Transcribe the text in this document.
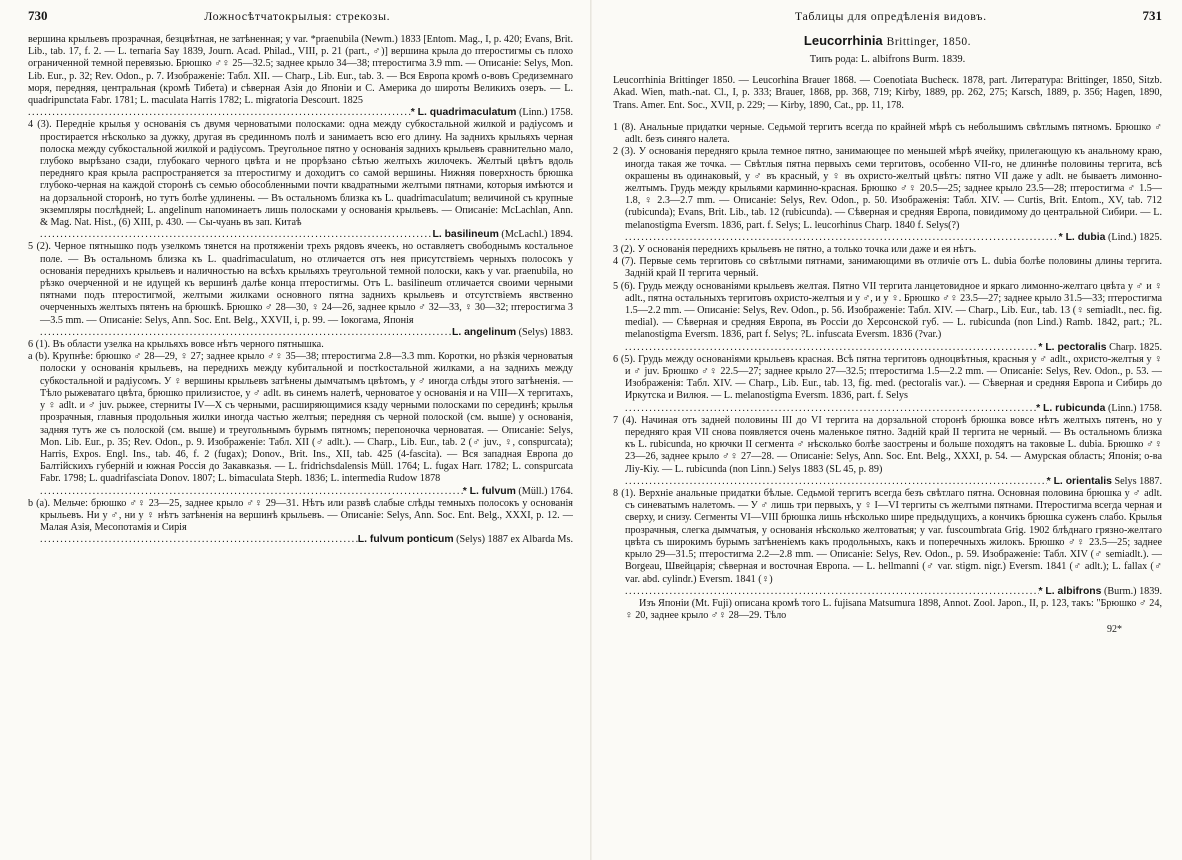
730	Ложносѣтчатокрылыя: стрекозы.

вершина крыльевъ прозрачная, безцвѣтная, не затѣненная; у var. *praenubila (Newm.) 1833 [Entom. Mag., I, p. 420; Evans, Brit. Lib., tab. 17, f. 2. — L. ternaria Say 1839, Journ. Acad. Philad., VIII, p. 21 (part., ♂)] вершина крыла до птеростигмы съ плохо ограниченной темной перевязью. Брюшко ♂♀ 25—32.5; заднее крыло 34—38; птеростигма 3.9 mm. — Описаніе: Selys, Mon. Lib. Eur., p. 32; Rev. Odon., p. 7. Изображеніе: Табл. XII. — Charp., Lib. Eur., tab. 3. — Вся Европа кромѣ о-вовъ Средиземнаго моря, передняя, центральная (кромѣ Тибета) и сѣверная Азія до Японіи и С. Америка до широты Великихъ озеръ. — L. quadripunctata Fabr. 1781; L. maculata Harris 1782; L. migratoria Descourt. 1825

.....
* L. quadrimaculatum
(Linn.) 1758.

4 (3). Передніе крылья у основанія съ двумя черноватыми полосками: одна между субкостальной жилкой и радіусомъ и простирается нѣсколько за дужку, другая въ срединномъ полѣ и занимаетъ всю его длину. На заднихъ крыльяхъ черная полоска между субкостальной жилкой и радіусомъ. Треугольное пятно у основанія заднихъ крыльевъ сравнительно мало, глубоко вырѣзано сзади, глубокаго черного цвѣта и не прорѣзано сѣтью желтыхъ жилочекъ. Желтый цвѣтъ вдоль передняго края крыла распространяется за птеростигму и доходитъ со самой вершины. Нижняя поверхность брюшка глубоко-черная на каждой сторонѣ съ семью обособленными почти квадратными желтыми пятнами, которыя имѣются и на дорзальной сторонѣ, но тутъ болѣе удлинены. — Въ остальномъ близка къ L. quadrimaculatum; величиной съ крупные экземпляры послѣдней; L. angelinum напоминаетъ лишь полосками у основанія крыльевъ. — Описаніе: McLachlan, Ann. & Mag. Nat. Hist., (6) XIII, p. 430. — Сы-чуань въ зап. Китаѣ

.....
L. basilineum
(McLachl.) 1894.

5 (2). Черное пятнышко подъ узелкомъ тянется на протяженіи трехъ рядовъ ячеекъ, но оставляетъ свободнымъ костальное поле. — Въ остальномъ близка къ L. quadrimaculatum, но отличается отъ нея присутствіемъ черныхъ полосокъ у основанія переднихъ крыльевъ и наличностью на всѣхъ крыльяхъ треугольной темной полоски, какъ у var. praenubila, но рѣзко очерченной и не идущей къ вершинѣ далѣе конца птеростигмы. Отъ L. basilineum отличается своими черными пятнами подъ птеростигмой, желтыми жилками основного пятна заднихъ крыльевъ и отсутствіемъ явственно очерченныхъ желтыхъ пятенъ на брюшкѣ. Брюшко ♂ 28—30, ♀ 24—26, заднее крыло ♂ 32—33, ♀ 30—32; птеростигма 3—3.5 mm. — Описаніе: Selys, Ann. Soc. Ent. Belg., XXVII, i, p. 99. — Іокогама, Японія

.....
L. angelinum
(Selys) 1883.

6 (1). Въ области узелка на крыльяхъ вовсе нѣтъ черного пятнышка.

a (b). Крупнѣе: брюшко ♂ 28—29, ♀ 27; заднее крыло ♂♀ 35—38; птеростигма 2.8—3.3 mm. Коротки, но рѣзкія черноватыя полоски у основанія крыльевъ, на переднихъ между кубитальной и постkостальной жилками, а на заднихъ между субкостальной и радіусомъ. У ♀ вершины крыльевъ затѣнены дымчатымъ цвѣтомъ, у ♂ иногда слѣды этого затѣненія. — Тѣло рыжеватаго цвѣта, брюшко прилизистое, у ♂ adlt. въ синемъ налетѣ, черноватое у основанія и на VIII—X тергитахъ, у ♀ adlt. и ♂ juv. рыжее, стерниты IV—X съ черными, расширяющимися кзаду черными полосками по серединѣ; крылья прозрачныя, главныя продольныя жилки иногда частью желтыя; передняя съ черной полоской (см. выше) у основанія, задняя тутъ же съ полоской (см. выше) и треугольнымъ бурымъ пятномъ; перепоночка черноватая. — Описаніе: Selys, Mon. Lib. Eur., p. 35; Rev. Odon., p. 9. Изображеніе: Табл. XII (♂ adlt.). — Charp., Lib. Eur., tab. 2 (♂ juv., ♀, conspurcata); Harris, Expos. Engl. Ins., tab. 46, f. 2 (fugax); Donov., Brit. Ins., XII, tab. 425 (4-fascita). — Вся западная Европа до Балтійскихъ губерній и южная Россія до Закавказья. — L. fridrichsdalensis Müll. 1764; L. fugax Harr. 1782; L. conspurcata Fabr. 1798; L. quadrifasciata Donov. 1807; L. bimaculata Steph. 1836; L. intermedia Rudow 1878

.....
* L. fulvum
(Müll.) 1764.

b (a). Мельче: брюшко ♂♀ 23—25, заднее крыло ♂♀ 29—31. Нѣтъ или развѣ слабые слѣды темныхъ полосокъ у основанія крыльевъ. Ни у ♂, ни у ♀ нѣтъ затѣненія на вершинѣ крыльевъ. — Описаніе: Selys, Ann. Soc. Ent. Belg., XXXI, p. 12. — Малая Азія, Месопотамія и Сирія

.....
L. fulvum ponticum
(Selys) 1887 ex Albarda Ms.
Таблицы для опредѣленія видовъ.	731
Leucorrhinia Brittinger, 1850.
Типъ рода: L. albifrons Burm. 1839.

Leucorrhinia Brittinger 1850. — Leucorhina Brauer 1868. — Coenotiata Buchecк. 1878, part. Литература: Brittinger, 1850, Sitzb. Akad. Wien, math.-nat. Cl., I, p. 333; Brauer, 1868, pp. 368, 719; Kirby, 1889, pp. 262, 275; Karsch, 1889, p. 356; Hagen, 1890, Trans. Amer. Ent. Soc., XVII, p. 229; — Kirby, 1890, Cat., pp. 11, 178.

1 (8). Анальные придатки черные. Седьмой тергитъ всегда по крайней мѣрѣ съ небольшимъ свѣтлымъ пятномъ. Брюшко ♂ adlt. безъ синяго налета.

2 (3). У основанія передняго крыла темное пятно, занимающее по меньшей мѣрѣ ячейку, прилегающую къ анальному краю, иногда такая же точка. — Свѣтлыя пятна первыхъ семи тергитовъ, особенно VII-го, не длиннѣе половины тергита, всѣ окрашены въ одинаковый, у ♂ въ красный, у ♀ въ охристо-желтый цвѣтъ: пятно VII даже у adlt. не бываетъ лимонно-желтымъ. Грудь между крыльями карминно-красная. Брюшко ♂♀ 20.5—25; заднее крыло 23.5—28; птеростигма ♂ 1.5—1.8, ♀ 2.3—2.7 mm. — Описаніе: Selys, Rev. Odon., p. 50. Изображенія: Табл. XIV. — Curtis, Brit. Entom., XV, tab. 712 (rubicunda); Evans, Brit. Lib., tab. 12 (rubicunda). — Сѣверная и средняя Европа, повидимому до центральной Сибири. — L. melanostigma Eversm. 1836, part. f. Selys; L. leucorhinus Charp. 1840 f. Selys(?)

.....
* L. dubia
(Lind.) 1825.

3 (2). У основанія переднихъ крыльевъ не пятно, а только точка или даже и ея нѣтъ.

4 (7). Первые семь тергитовъ со свѣтлыми пятнами, занимающими въ отличіе отъ L. dubia болѣе половины длины тергита. Задній край II тергита черный.

5 (6). Грудь между основаніями крыльевъ желтая. Пятно VII тергита ланцетовидное и яркаго лимонно-желтаго цвѣта у ♂ и ♀ adlt., пятна остальныхъ тергитовъ охристо-желтыя и у ♂, и у ♀. Брюшко ♂♀ 23.5—27; заднее крыло 31.5—33; птеростигма 1.5—2.2 mm. — Описаніе: Selys, Rev. Odon., p. 56. Изображеніе: Табл. XIV. — Charp., Lib. Eur., tab. 13 (♀ semiadlt., nec. fig. medial). — Сѣверная и средняя Европа, въ Россіи до Херсонской губ. — L. rubicunda (non Lind.) Ramb. 1842, part.; ?L. melanostigma Eversm. 1836, part f. Selys; ?L. infuscata Eversm. 1836 (?var.)

.....
* L. pectoralis
Charp. 1825.

6 (5). Грудь между основаніями крыльевъ красная. Всѣ пятна тергитовъ одноцвѣтныя, красныя у ♂ adlt., охристо-желтыя у ♀ и ♂ juv. Брюшко ♂♀ 22.5—27; заднее крыло 27—32.5; птеростигма 1.5—2.2 mm. — Описаніе: Selys, Rev. Odon., p. 53. — Изображенія: Табл. XIV. — Charp., Lib. Eur., tab. 13, fig. med. (pectoralis var.). — Сѣверная и средняя Европа и Сибирь до Иркутска и Вилюя. — L. melanostigma Eversm. 1836, part. f. Selys

.....
* L. rubicunda
(Linn.) 1758.

7 (4). Начиная отъ задней половины III до VI тергита на дорзальной сторонѣ брюшка вовсе нѣтъ желтыхъ пятенъ, но у передняго края VII снова появляется очень маленькое пятно. Задній край II тергита не черный. — Въ остальномъ близка къ L. rubicunda, но крючки II сегмента ♂ нѣсколько болѣе заострены и больше походятъ на таковые L. dubia. Брюшко ♂♀ 23—26, заднее крыло ♂♀ 27—28. — Описаніе: Selys, Ann. Soc. Ent. Belg., XXXI, p. 54. — Амурская область; Японія; о-ва Ліу-Кіу. — L. rubicunda (non Linn.) Selys 1883 (SL 45, p. 89)

.....
* L. orientalis
Selys 1887.

8 (1). Верхніе анальные придатки бѣлые. Седьмой тергитъ всегда безъ свѣтлаго пятна. Основная половина брюшка у ♂ adlt. съ синеватымъ налетомъ. — У ♂ лишь три первыхъ, у ♀ I—VI тергиты съ желтыми пятнами. Птеростигма всегда черная и сверху, и снизу. Сегменты VI—VIII брюшка лишь нѣсколько шире предыдущихъ, а кончикъ брюшка суженъ слабо. Крылья прозрачныя, слегка дымчатыя, у основанія нѣсколько желтоватыя; у var. fuscoumbrata Grig. 1902 блѣднаго грязно-желтаго цвѣта съ широкимъ бурымъ затѣненіемъ какъ продольныхъ, какъ и поперечныхъ жилокъ. Брюшко ♂♀ 23.5—25; заднее крыло 29—31.5; птеростигма 2.2—2.8 mm. — Описаніе: Selys, Rev. Odon., p. 59. Изображеніе: Табл. XIV (♂ semiadlt.). — Borgeau, Швейцарія; сѣверная и восточная Европа. — L. hellmanni (♂ var. stigm. nigr.) Eversm. 1841 (♂ adlt.); L. fallax (♂ var. abd. cylindr.) Eversm. 1841 (♀)

.....
* L. albifrons
(Burm.) 1839.

Изъ Японіи (Mt. Fuji) описана кромѣ того L. fujisana Matsumura 1898, Annot. Zool. Japon., II, p. 123, такъ: "Брюшко ♂ 24, ♀ 20, заднее крыло ♂♀ 28—29. Тѣло

92*
